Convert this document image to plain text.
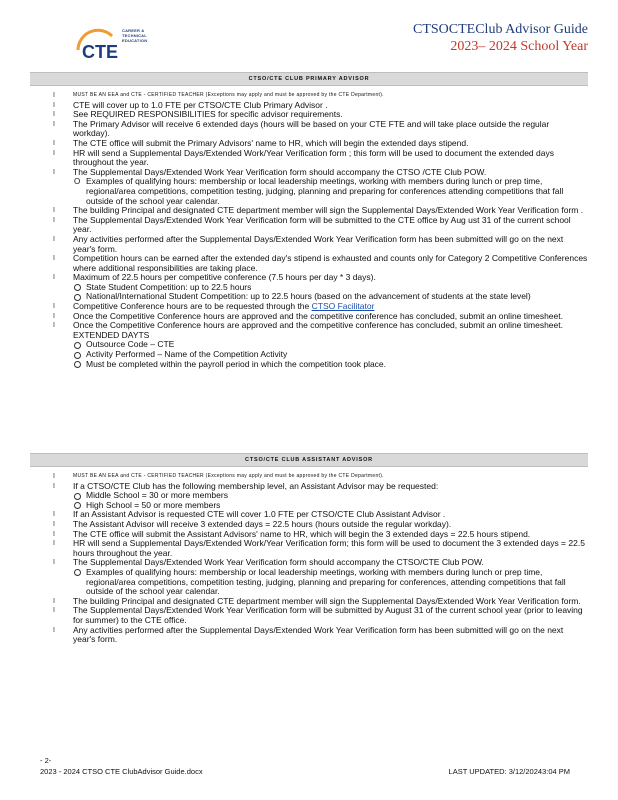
CTE
CAREER &
TECHNICAL
EDUCATION
CTSOCTEClub Advisor Guide
2023– 2024 School Year
CTSO/CTE CLUB PRIMARY ADVISOR
I	MUST BE AN EEA and CTE - CERTIFIED TEACHER (Exceptions may apply and must be approved by the CTE Department).
I CTE will cover up to 1.0 FTE per CTSO/CTE Club Primary Advisor .
I See REQUIRED RESPONSIBILITIES for specific advisor requirements.
I The Primary Advisor will receive 6 extended days (hours will be based on your CTE FTE and will take place outside the regular workday).
I The CTE office will submit the Primary Advisors' name to HR, which will begin the extended days stipend.
I HR will send a Supplemental Days/Extended Work/Year Verification form ; this form will be used to document the extended days throughout the year.
I The Supplemental Days/Extended Work Year Verification form should accompany the CTSO /CTE Club POW.
O Examples of qualifying hours: membership or local leadership meetings, working with members during lunch or prep time, regional/area competitions, competition testing, judging, planning and preparing for conferences attending competitions that fall outside of the school year calendar.
I The building Principal and designated CTE department member will sign the Supplemental Days/Extended Work Year Verification form .
I The Supplemental Days/Extended Work Year Verification form will be submitted to the CTE office by Aug ust 31 of the current school year.
I Any activities performed after the Supplemental Days/Extended Work Year Verification form has been submitted will go on the next year's form.
I Competition hours can be earned after the extended day's stipend is exhausted and counts only for Category 2 Competitive Conferences where additional responsibilities are taking place.
I Maximum of 22.5 hours per competitive conference (7.5 hours per day * 3 days).
State Student Competition: up to 22.5 hours
National/International Student Competition: up to 22.5 hours (based on the advancement of students at the state level)
I Competitive Conference hours are to be requested through the CTSO Facilitator
I Once the Competitive Conference hours are approved and the competitive conference has concluded, submit an online timesheet.
I Once the Competitive Conference hours are approved and the competitive conference has concluded, submit an online timesheet. EXTENDED DAYTS
Outsource Code – CTE
Activity Performed – Name of the Competition Activity
Must be completed within the payroll period in which the competition took place.
CTSO/CTE CLUB ASSISTANT ADVISOR
I	MUST BE AN EEA and CTE - CERTIFIED TEACHER (Exceptions may apply and must be approved by the CTE Department).
I If a CTSO/CTE Club has the following membership level, an Assistant Advisor may be requested:
Middle School = 30 or more members
High School = 50 or more members
I If an Assistant Advisor is requested CTE will cover 1.0 FTE per CTSO/CTE Club Assistant Advisor .
I The Assistant Advisor will receive 3 extended days = 22.5 hours (hours outside the regular workday).
I The CTE office will submit the Assistant Advisors' name to HR, which will begin the 3 extended days = 22.5 hours stipend.
I HR will send a Supplemental Days/Extended Work/Year Verification form; this form will be used to document the 3 extended days = 22.5 hours throughout the year.
I The Supplemental Days/Extended Work Year Verification form should accompany the CTSO/CTE Club POW.
Examples of qualifying hours: membership or local leadership meetings, working with members during lunch or prep time, regional/area competitions, competition testing, judging, planning and preparing for conferences, attending competitions that fall outside of the school year calendar.
I The building Principal and designated CTE department member will sign the Supplemental Days/Extended Work Year Verification form.
I The Supplemental Days/Extended Work Year Verification form will be submitted by August 31 of the current school year (prior to leaving for summer) to the CTE office.
I Any activities performed after the Supplemental Days/Extended Work Year Verification form has been submitted will go on the next year's form.
- 2-
2023 - 2024 CTSO CTE ClubAdvisor Guide.docx	LAST UPDATED: 3/12/20243:04 PM
